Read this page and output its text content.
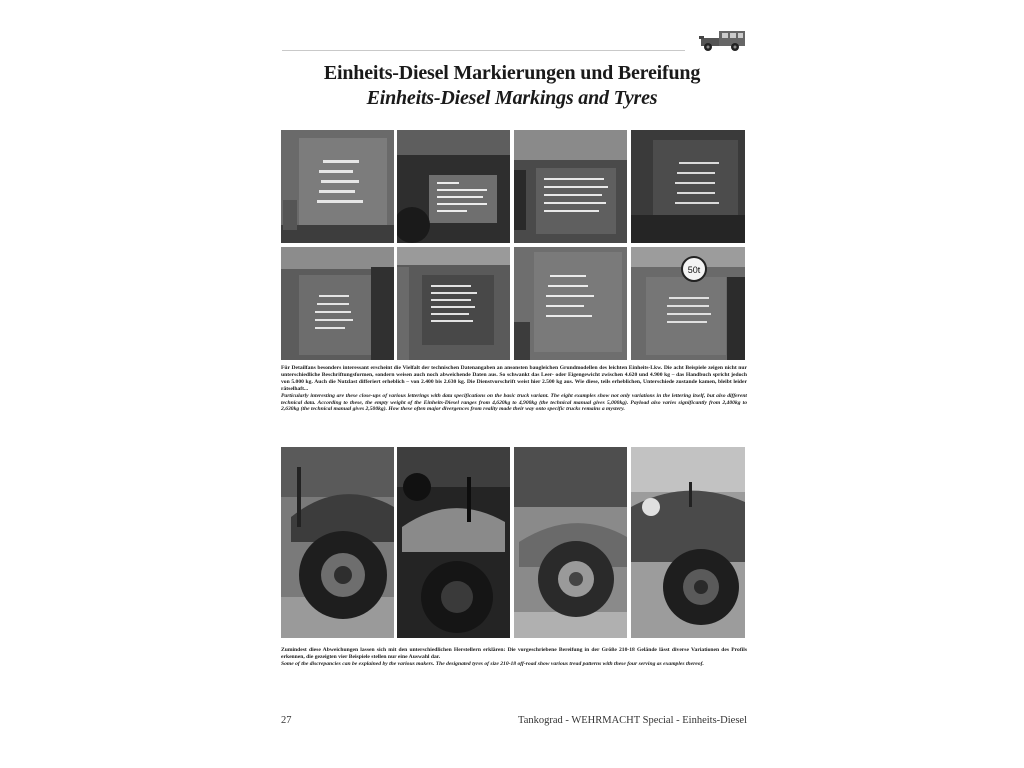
Einheits-Diesel Markierungen und Bereifung
Einheits-Diesel Markings and Tyres
50t

Für Detailfans besonders interessant erscheint die Vielfalt der technischen Datenangaben an ansonsten baugleichen Grundmodellen des leichten Einheits-Lkw. Die acht Beispiele zeigen nicht nur unterschiedliche Beschriftungsformen, sondern weisen auch noch abweichende Daten aus. So schwankt das Leer- oder Eigengewicht zwischen 4.620 und 4.900 kg – das Handbuch spricht jedoch von 5.000 kg. Auch die Nutzlast differiert erheblich – von 2.400 bis 2.630 kg. Die Dienstvorschrift weist hier 2.500 kg aus. Wie diese, teils erheblichen, Unterschiede zustande kamen, bleibt leider rätselhaft...

Particularly interesting are these close-ups of various letterings with data specifications on the basic truck variant. The eight examples show not only variations in the lettering itself, but also different technical data. According to these, the empty weight of the Einheits-Diesel ranges from 4,620kg to 4,900kg (the technical manual gives 5,000kg). Payload also varies significantly from 2,400kg to 2,630kg (the technical manual gives 2,500kg). How these often major divergences from reality made their way onto specific trucks remains a mystery.

Zumindest diese Abweichungen lassen sich mit den unterschiedlichen Herstellern erklären: Die vorgeschriebene Bereifung in der Größe 210-18 Gelände lässt diverse Variationen des Profils erkennen, die gezeigten vier Beispiele stellen nur eine Auswahl dar.

Some of the discrepancies can be explained by the various makers. The designated tyres of size 210-18 off-road show various tread patterns with these four serving as examples thereof.

27	Tankograd - WEHRMACHT Special - Einheits-Diesel
